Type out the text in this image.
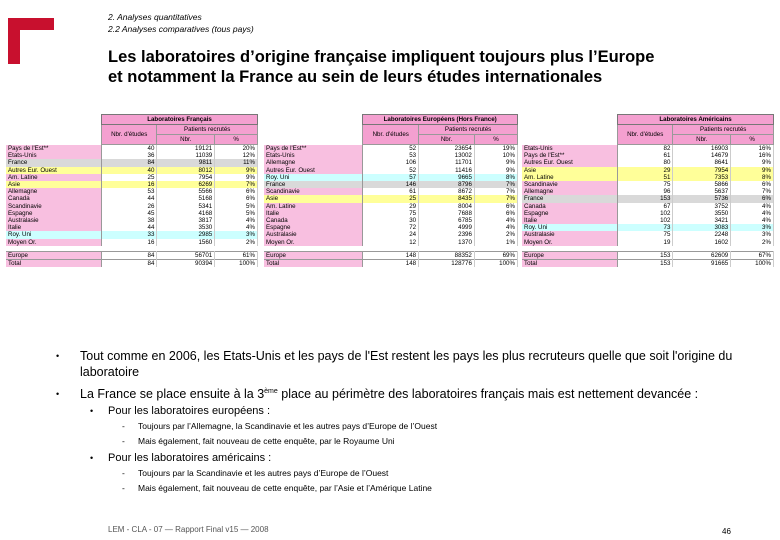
2. Analyses quantitatives
2.2 Analyses comparatives (tous pays)
Les laboratoires d’origine française impliquent toujours plus l’Europe
et notamment la France au sein de leurs études internationales
	Laboratoires Français		
	Nbr. d'études	Patients recrutés	
		Nbr.	%
Pays de l'Est**	40	19121	20%
Etats-Unis	36	11039	12%
France	84	9811	11%
Autres Eur. Ouest	40	8012	9%
Am. Latine	25	7954	9%
Asie	16	6269	7%
Allemagne	53	5566	6%
Canada	44	5168	6%
Scandinavie	26	5341	5%
Espagne	45	4168	5%
Australasie	38	3817	4%
Italie	44	3530	4%
Roy. Uni	33	2985	3%
Moyen Or.	16	1560	2%

Europe	84	56701	61%
Total	84	90394	100%
	Laboratoires Européens (Hors France)		
	Nbr. d'études	Patients recrutés	
		Nbr.	%
Pays de l'Est**	52	23654	19%
Etats-Unis	53	13002	10%
Allemagne	106	11701	9%
Autres Eur. Ouest	52	11416	9%
Roy. Uni	57	9665	8%
France	146	8796	7%
Scandinavie	61	8672	7%
Asie	25	8435	7%
Am. Latine	29	8004	6%
Italie	75	7688	6%
Canada	30	6785	4%
Espagne	72	4999	4%
Australasie	24	2396	2%
Moyen Or.	12	1370	1%

Europe	148	88352	69%
Total	148	128776	100%
	Laboratoires Américains		
	Nbr. d'études	Patients recrutés	
		Nbr.	%
Etats-Unis	82	16903	16%
Pays de l'Est**	61	14679	16%
Autres Eur. Ouest	80	8641	9%
Asie	29	7954	9%
Am. Latine	51	7353	8%
Scandinavie	75	5866	6%
Allemagne	96	5637	7%
France	153	5736	6%
Canada	67	3752	4%
Espagne	102	3550	4%
Italie	102	3421	4%
Roy. Uni	73	3083	3%
Australasie	75	2248	3%
Moyen Or.	19	1602	2%

Europe	153	62609	67%
Total	153	91665	100%
• Tout comme en 2006, les Etats-Unis et les pays de l'Est restent les pays les plus recruteurs quelle que soit l'origine du laboratoire
• La France se place ensuite à la 3ème place au périmètre des laboratoires français mais est nettement devancée :
• Pour les laboratoires européens :
- Toujours par l’Allemagne, la Scandinavie et les autres pays d’Europe de l’Ouest
- Mais également, fait nouveau de cette enquête, par le Royaume Uni
• Pour les laboratoires américains :
- Toujours par la Scandinavie et les autres pays d’Europe de l’Ouest
- Mais également, fait nouveau de cette enquête, par l’Asie et l’Amérique Latine
LEM - CLA - 07 — Rapport Final v15 — 2008	46
